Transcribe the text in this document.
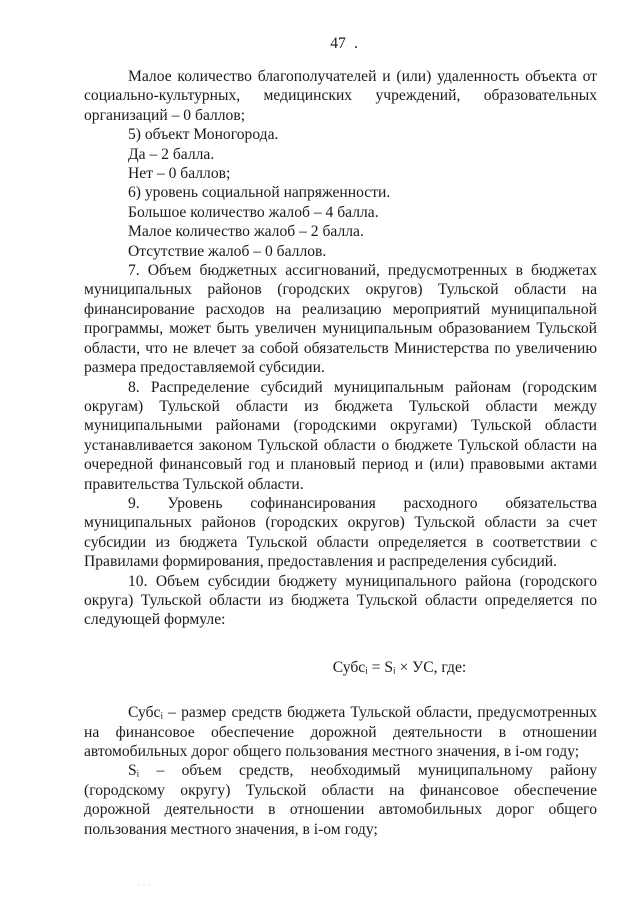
.
47

Малое количество благополучателей и (или) удаленность объекта от социально-культурных, медицинских учреждений, образовательных организаций – 0 баллов;

5) объект Моногорода.

Да – 2 балла.

Нет – 0 баллов;

6) уровень социальной напряженности.

Большое количество жалоб – 4 балла.

Малое количество жалоб – 2 балла.

Отсутствие жалоб – 0 баллов.

7. Объем бюджетных ассигнований, предусмотренных в бюджетах муниципальных районов (городских округов) Тульской области на финансирование расходов на реализацию мероприятий муниципальной программы, может быть увеличен муниципальным образованием Тульской области, что не влечет за собой обязательств Министерства по увеличению размера предоставляемой субсидии.

8. Распределение субсидий муниципальным районам (городским округам) Тульской области из бюджета Тульской области между муниципальными районами (городскими округами) Тульской области устанавливается законом Тульской области о бюджете Тульской области на очередной финансовый год и плановый период и (или) правовыми актами правительства Тульской области.

9. Уровень софинансирования расходного обязательства муниципальных районов (городских округов) Тульской области за счет субсидии из бюджета Тульской области определяется в соответствии с Правилами формирования, предоставления и распределения субсидий.

10. Объем субсидии бюджету муниципального района (городского округа) Тульской области из бюджета Тульской области определяется по следующей формуле:

Субсᵢ = Sᵢ × УС, где:

Субсᵢ – размер средств бюджета Тульской области, предусмотренных на финансовое обеспечение дорожной деятельности в отношении автомобильных дорог общего пользования местного значения, в i-ом году;

Sᵢ – объем средств, необходимый муниципальному району (городскому округу) Тульской области на финансовое обеспечение дорожной деятельности в отношении автомобильных дорог общего пользования местного значения, в i-ом году;

· · ·
